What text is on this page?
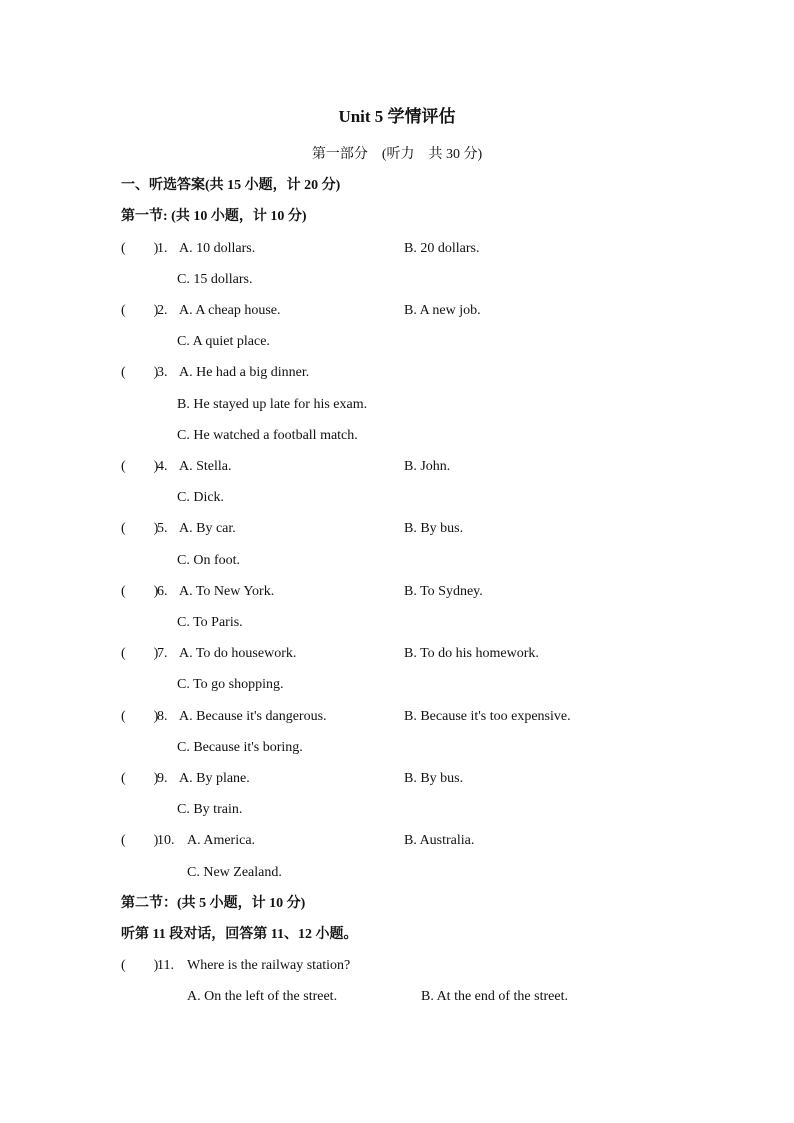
Unit 5 学情评估
第一部分　(听力　共 30 分)
一、听选答案(共 15 小题，计 20 分)
第一节: (共 10 小题，计 10 分)
(　　)
1. A. 10 dollars.	B. 20 dollars.
C. 15 dollars.
(　　)
2. A. A cheap house.	B. A new job.
C. A quiet place.
(　　)
3. A. He had a big dinner.
B. He stayed up late for his exam.
C. He watched a football match.
(　　)
4. A. Stella.	B. John.
C. Dick.
(　　)
5. A. By car.	B. By bus.
C. On foot.
(　　)
6. A. To New York.	B. To Sydney.
C. To Paris.
(　　)
7. A. To do housework.	B. To do his homework.
C. To go shopping.
(　　)
8. A. Because it's dangerous.	B. Because it's too expensive.
C. Because it's boring.
(　　)
9. A. By plane.	B. By bus.
C. By train.
(　　)
10. A. America.	B. Australia.
C. New Zealand.
第二节：(共 5 小题，计 10 分)
听第 11 段对话，回答第 11、12 小题。
(　　)
11. Where is the railway station?
A. On the left of the street.	B. At the end of the street.
